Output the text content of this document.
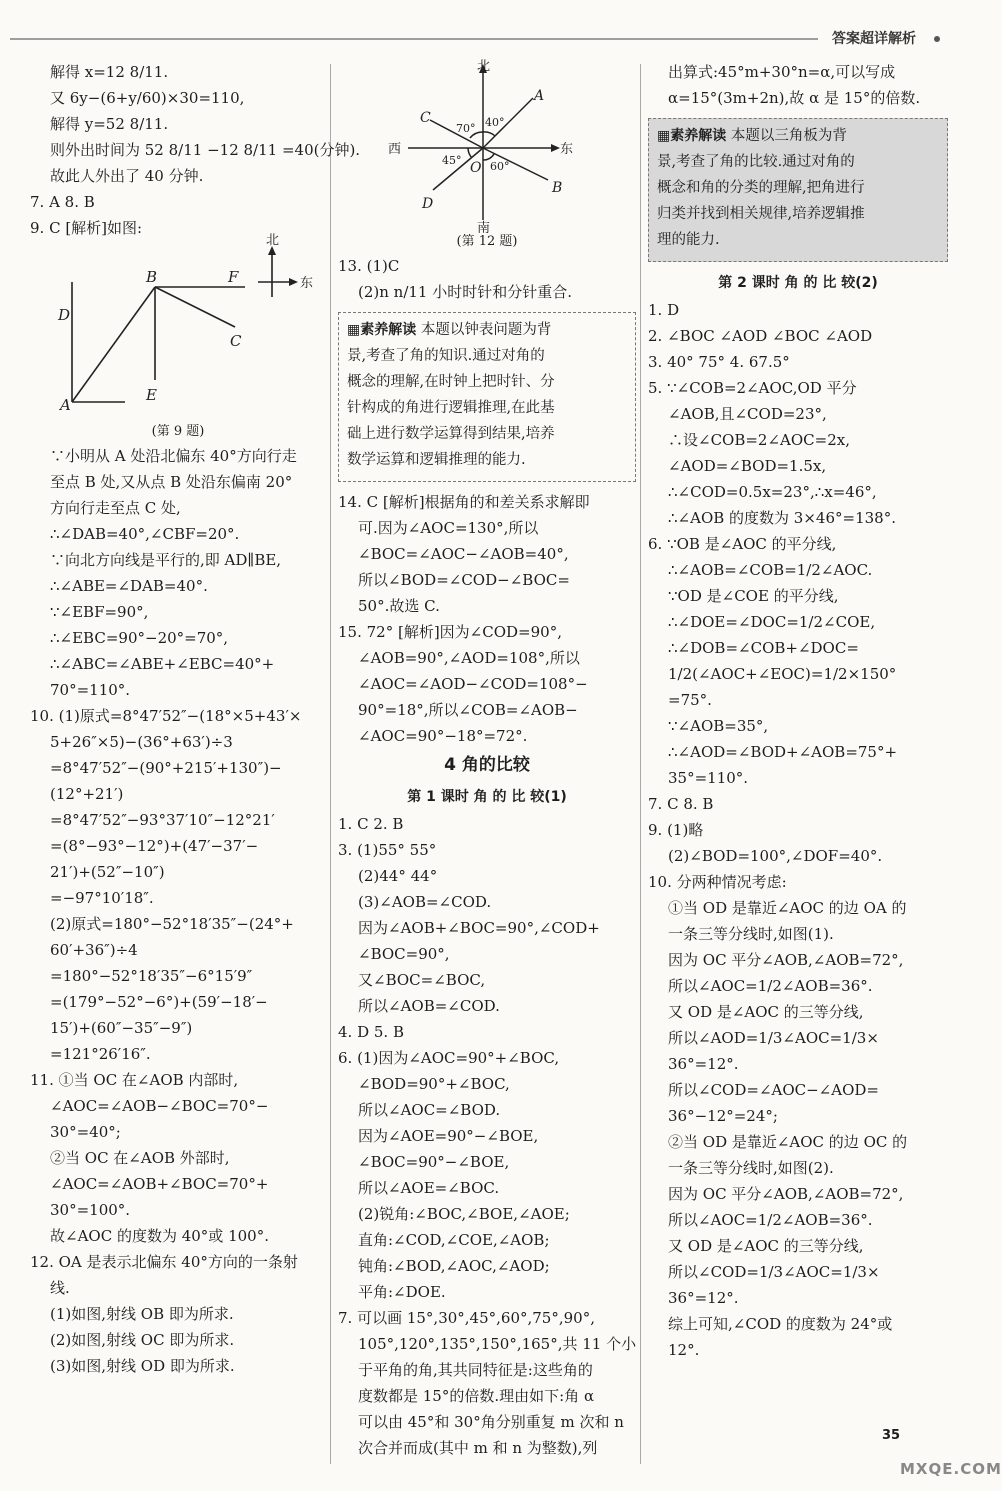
答案超详解析
解得 x=12 8/11.
又 6y−(6+y/60)×30=110,
解得 y=52 8/11.
则外出时间为 52 8/11 −12 8/11 =40(分钟).
故此人外出了 40 分钟.
7. A 8. B
9. C [解析]如图:
D
A
B	F
C
E
北
东
(第 9 题)
∵小明从 A 处沿北偏东 40°方向行走
至点 B 处,又从点 B 处沿东偏南 20°
方向行走至点 C 处,
∴∠DAB=40°,∠CBF=20°.
∵向北方向线是平行的,即 AD∥BE,
∴∠ABE=∠DAB=40°.
∵∠EBF=90°,
∴∠EBC=90°−20°=70°,
∴∠ABC=∠ABE+∠EBC=40°+
70°=110°.
10. (1)原式=8°47′52″−(18°×5+43′×
5+26″×5)−(36°+63′)÷3
=8°47′52″−(90°+215′+130″)−
(12°+21′)
=8°47′52″−93°37′10″−12°21′
=(8°−93°−12°)+(47′−37′−
21′)+(52″−10″)
=−97°10′18″.
(2)原式=180°−52°18′35″−(24°+
60′+36″)÷4
=180°−52°18′35″−6°15′9″
=(179°−52°−6°)+(59′−18′−
15′)+(60″−35″−9″)
=121°26′16″.
11. ①当 OC 在∠AOB 内部时,
∠AOC=∠AOB−∠BOC=70°−
30°=40°;
②当 OC 在∠AOB 外部时,
∠AOC=∠AOB+∠BOC=70°+
30°=100°.
故∠AOC 的度数为 40°或 100°.
12. OA 是表示北偏东 40°方向的一条射
线.
(1)如图,射线 OB 即为所求.
(2)如图,射线 OC 即为所求.
(3)如图,射线 OD 即为所求.
北
南
东
西
A
B
C
D
O
70° 40°
45°	60°
(第 12 题)
13. (1)C
(2)n n/11 小时时针和分针重合.
▦素养解读 本题以钟表问题为背
景,考查了角的知识.通过对角的
概念的理解,在时钟上把时针、分
针构成的角进行逻辑推理,在此基
础上进行数学运算得到结果,培养
数学运算和逻辑推理的能力.
14. C [解析]根据角的和差关系求解即
可.因为∠AOC=130°,所以
∠BOC=∠AOC−∠AOB=40°,
所以∠BOD=∠COD−∠BOC=
50°.故选 C.
15. 72° [解析]因为∠COD=90°,
∠AOB=90°,∠AOD=108°,所以
∠AOC=∠AOD−∠COD=108°−
90°=18°,所以∠COB=∠AOB−
∠AOC=90°−18°=72°.
4 角的比较
第 1 课时 角 的 比 较(1)
1. C 2. B
3. (1)55° 55°
(2)44° 44°
(3)∠AOB=∠COD.
因为∠AOB+∠BOC=90°,∠COD+
∠BOC=90°,
又∠BOC=∠BOC,
所以∠AOB=∠COD.
4. D 5. B
6. (1)因为∠AOC=90°+∠BOC,
∠BOD=90°+∠BOC,
所以∠AOC=∠BOD.
因为∠AOE=90°−∠BOE,
∠BOC=90°−∠BOE,
所以∠AOE=∠BOC.
(2)锐角:∠BOC,∠BOE,∠AOE;
直角:∠COD,∠COE,∠AOB;
钝角:∠BOD,∠AOC,∠AOD;
平角:∠DOE.
7. 可以画 15°,30°,45°,60°,75°,90°,
105°,120°,135°,150°,165°,共 11 个小
于平角的角,其共同特征是:这些角的
度数都是 15°的倍数.理由如下:角 α
可以由 45°和 30°角分别重复 m 次和 n
次合并而成(其中 m 和 n 为整数),列
出算式:45°m+30°n=α,可以写成
α=15°(3m+2n),故 α 是 15°的倍数.
▦素养解读 本题以三角板为背
景,考查了角的比较.通过对角的
概念和角的分类的理解,把角进行
归类并找到相关规律,培养逻辑推
理的能力.
第 2 课时 角 的 比 较(2)
1. D
2. ∠BOC ∠AOD ∠BOC ∠AOD
3. 40° 75° 4. 67.5°
5. ∵∠COB=2∠AOC,OD 平分
∠AOB,且∠COD=23°,
∴设∠COB=2∠AOC=2x,
∠AOD=∠BOD=1.5x,
∴∠COD=0.5x=23°,∴x=46°,
∴∠AOB 的度数为 3×46°=138°.
6. ∵OB 是∠AOC 的平分线,
∴∠AOB=∠COB=1/2∠AOC.
∵OD 是∠COE 的平分线,
∴∠DOE=∠DOC=1/2∠COE,
∴∠DOB=∠COB+∠DOC=
1/2(∠AOC+∠EOC)=1/2×150°
=75°.
∵∠AOB=35°,
∴∠AOD=∠BOD+∠AOB=75°+
35°=110°.
7. C 8. B
9. (1)略
(2)∠BOD=100°,∠DOF=40°.
10. 分两种情况考虑:
①当 OD 是靠近∠AOC 的边 OA 的
一条三等分线时,如图(1).
因为 OC 平分∠AOB,∠AOB=72°,
所以∠AOC=1/2∠AOB=36°.
又 OD 是∠AOC 的三等分线,
所以∠AOD=1/3∠AOC=1/3×
36°=12°.
所以∠COD=∠AOC−∠AOD=
36°−12°=24°;
②当 OD 是靠近∠AOC 的边 OC 的
一条三等分线时,如图(2).
因为 OC 平分∠AOB,∠AOB=72°,
所以∠AOC=1/2∠AOB=36°.
又 OD 是∠AOC 的三等分线,
所以∠COD=1/3∠AOC=1/3×
36°=12°.
综上可知,∠COD 的度数为 24°或
12°.
35
MXQE.COM
